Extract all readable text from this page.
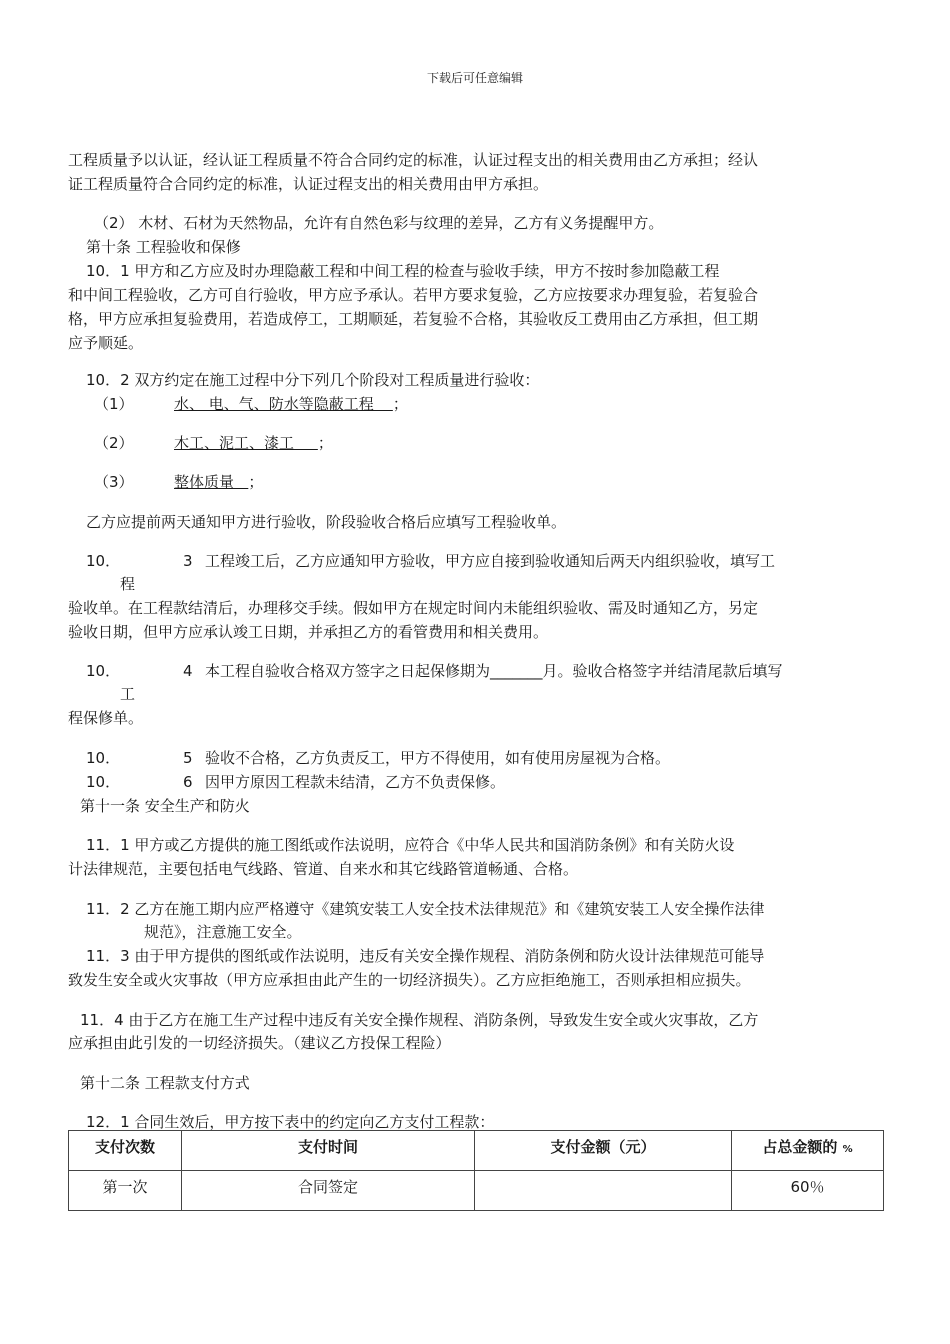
下载后可任意编辑
工程质量予以认证，经认证工程质量不符合合同约定的标准，认证过程支出的相关费用由乙方承担；经认
证工程质量符合合同约定的标准，认证过程支出的相关费用由甲方承担。
（2） 木材、石材为天然物品，允许有自然色彩与纹理的差异，乙方有义务提醒甲方。
第十条 工程验收和保修
10．1 甲方和乙方应及时办理隐蔽工程和中间工程的检查与验收手续，甲方不按时参加隐蔽工程
和中间工程验收，乙方可自行验收，甲方应予承认。若甲方要求复验，乙方应按要求办理复验，若复验合
格，甲方应承担复验费用，若造成停工，工期顺延，若复验不合格，其验收反工费用由乙方承担，但工期
应予顺延。
10．2 双方约定在施工过程中分下列几个阶段对工程质量进行验收：
（1）	水、 电、气、防水等隐蔽工程    ；
（2）	木工、泥工、漆工     ；
（3）	整体质量   ；
乙方应提前两天通知甲方进行验收，阶段验收合格后应填写工程验收单。
10．	3 工程竣工后，乙方应通知甲方验收，甲方应自接到验收通知后两天内组织验收，填写工
程
验收单。在工程款结清后，办理移交手续。假如甲方在规定时间内未能组织验收、需及时通知乙方，另定
验收日期，但甲方应承认竣工日期，并承担乙方的看管费用和相关费用。
10．	4 本工程自验收合格双方签字之日起保修期为_______月。验收合格签字并结清尾款后填写
工
程保修单。
10．	5 验收不合格，乙方负责反工，甲方不得使用，如有使用房屋视为合格。
10．	6 因甲方原因工程款未结清，乙方不负责保修。
第十一条 安全生产和防火
11．1 甲方或乙方提供的施工图纸或作法说明，应符合《中华人民共和国消防条例》和有关防火设
计法律规范，主要包括电气线路、管道、自来水和其它线路管道畅通、合格。
11．2 乙方在施工期内应严格遵守《建筑安装工人安全技术法律规范》和《建筑安装工人安全操作法律
规范》，注意施工安全。
11．3 由于甲方提供的图纸或作法说明，违反有关安全操作规程、消防条例和防火设计法律规范可能导
致发生安全或火灾事故（甲方应承担由此产生的一切经济损失）。乙方应拒绝施工，否则承担相应损失。
11．4 由于乙方在施工生产过程中违反有关安全操作规程、消防条例，导致发生安全或火灾事故，乙方
应承担由此引发的一切经济损失。（建议乙方投保工程险）
第十二条 工程款支付方式
12．1 合同生效后，甲方按下表中的约定向乙方支付工程款：
支付次数	支付时间	支付金额（元）	占总金额的 %
第一次	合同签定		60％
